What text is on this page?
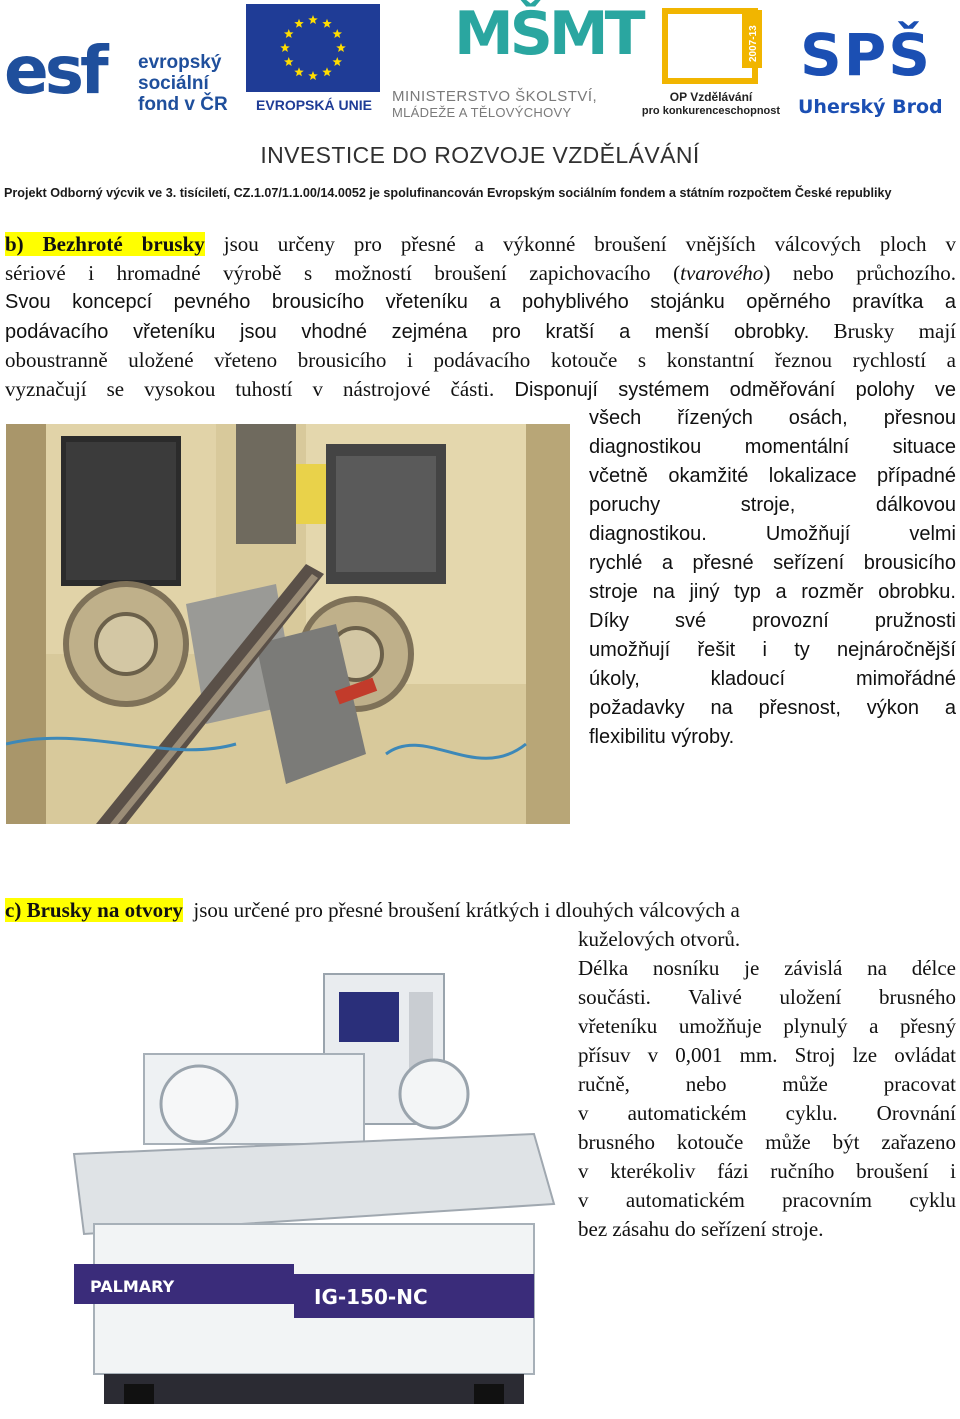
esf evropský
sociální
fond v ČR	EVROPSKÁ UNIE
MŠMT
MINISTERSTVO ŠKOLSTVÍ,
MLÁDEŽE A TĚLOVÝCHOVY
2007-13
OP Vzdělávání
pro konkurenceschopnost
SPŠ
Uherský Brod
INVESTICE DO ROZVOJE VZDĚLÁVÁNÍ
Projekt Odborný výcvik ve 3. tisíciletí, CZ.1.07/1.1.00/14.0052 je spolufinancován Evropským sociálním fondem a státním rozpočtem České republiky
b) Bezhroté brusky jsou určeny pro přesné a výkonné broušení vnějších válcových ploch v
sériové i hromadné výrobě s možností broušení zapichovacího (tvarového) nebo průchozího.
Svou koncepcí pevného brousicího vřeteníku a pohyblivého stojánku opěrného pravítka a
podávacího vřeteníku jsou vhodné zejména pro kratší a menší obrobky. Brusky mají
oboustranně uložené vřeteno brousicího i podávacího kotouče s konstantní řeznou rychlostí a
vyznačují se vysokou tuhostí v nástrojové části. Disponují systémem odměřování polohy ve
všech řízených osách, přesnou
diagnostikou momentální situace
včetně okamžité lokalizace případné
poruchy stroje, dálkovou
diagnostikou. Umožňují velmi
rychlé a přesné seřízení brousicího
stroje na jiný typ a rozměr obrobku.
Díky své provozní pružnosti
umožňují řešit i ty nejnáročnější
úkoly, kladoucí mimořádné
požadavky na přesnost, výkon a
flexibilitu výroby.
c) Brusky na otvory jsou určené pro přesné broušení krátkých i dlouhých válcových a
kuželových otvorů.
Délka nosníku je závislá na délce
součásti. Valivé uložení brusného
vřeteníku umožňuje plynulý a přesný
přísuv v 0,001 mm. Stroj lze ovládat
ručně, nebo může pracovat
v automatickém cyklu. Orovnání
brusného kotouče může být zařazeno
v kterékoliv fázi ručního broušení i
v automatickém pracovním cyklu
bez zásahu do seřízení stroje.
PALMARY	IG-150-NC
